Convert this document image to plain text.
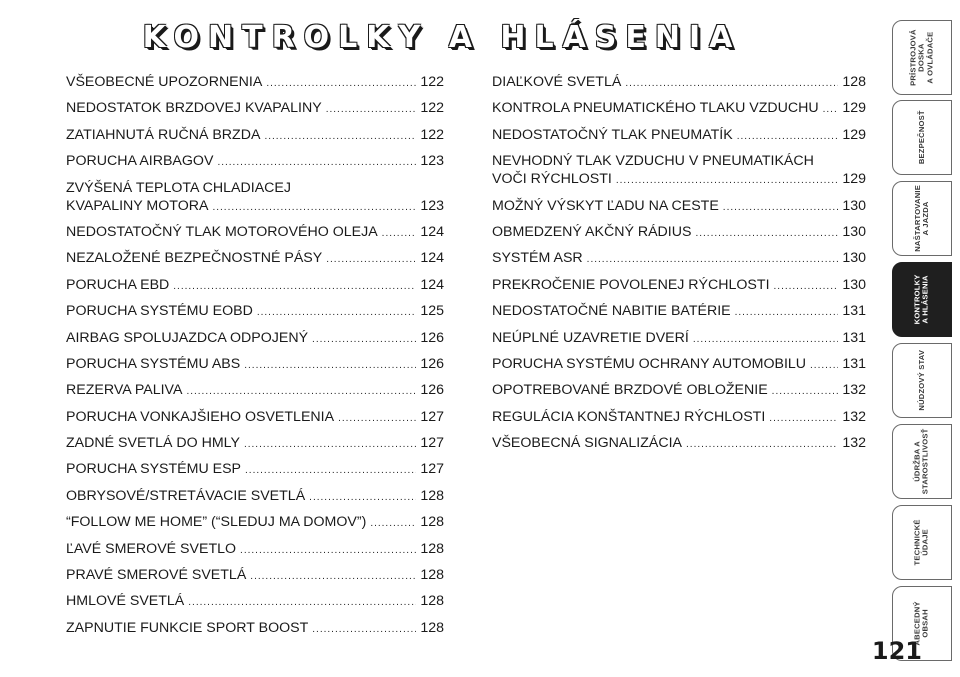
KONTROLKY A HLÁSENIA
VŠEOBECNÉ UPOZORNENIA .....	122
NEDOSTATOK BRZDOVEJ KVAPALINY .....	122
ZATIAHNUTÁ RUČNÁ BRZDA .....	122
PORUCHA AIRBAGOV .....	123
ZVÝŠENÁ TEPLOTA CHLADIACEJ
KVAPALINY MOTORA .....	123
NEDOSTATOČNÝ TLAK MOTOROVÉHO OLEJA .....	124
NEZALOŽENÉ BEZPEČNOSTNÉ PÁSY .....	124
PORUCHA EBD .....	124
PORUCHA SYSTÉMU EOBD .....	125
AIRBAG SPOLUJAZDCA ODPOJENÝ .....	126
PORUCHA SYSTÉMU ABS .....	126
REZERVA PALIVA .....	126
PORUCHA VONKAJŠIEHO OSVETLENIA .....	127
ZADNÉ SVETLÁ DO HMLY .....	127
PORUCHA SYSTÉMU ESP .....	127
OBRYSOVÉ/STRETÁVACIE SVETLÁ .....	128
“FOLLOW ME HOME” (“SLEDUJ MA DOMOV”) .....	128
ĽAVÉ SMEROVÉ SVETLO .....	128
PRAVÉ SMEROVÉ SVETLÁ .....	128
HMLOVÉ SVETLÁ .....	128
ZAPNUTIE FUNKCIE SPORT BOOST .....	128
DIAĽKOVÉ SVETLÁ .....	128
KONTROLA PNEUMATICKÉHO TLAKU VZDUCHU ..... 129
NEDOSTATOČNÝ TLAK PNEUMATÍK .....	129
NEVHODNÝ TLAK VZDUCHU V PNEUMATIKÁCH
VOČI RÝCHLOSTI .....	129
MOŽNÝ VÝSKYT ĽADU NA CESTE .....	130
OBMEDZENÝ AKČNÝ RÁDIUS .....	130
SYSTÉM ASR .....	130
PREKROČENIE POVOLENEJ RÝCHLOSTI .....	130
NEDOSTATOČNÉ NABITIE BATÉRIE .....	131
NEÚPLNÉ UZAVRETIE DVERÍ .....	131
PORUCHA SYSTÉMU OCHRANY AUTOMOBILU .....	131
OPOTREBOVANÉ BRZDOVÉ OBLOŽENIE .....	132
REGULÁCIA KONŠTANTNEJ RÝCHLOSTI .....	132
VŠEOBECNÁ SIGNALIZÁCIA .....	132
PRÍSTROJOVÁ
DOSKA
A OVLÁDAČE
BEZPEČNOSŤ
NAŠTARTOVANIE
A JAZDA
KONTROLKY
A HLÁSENIA
NÚDZOVÝ STAV
ÚDRŽBA A
STAROSTLIVOSŤ
TECHNICKÉ
ÚDAJE
ABECEDNÝ
OBSAH
121
